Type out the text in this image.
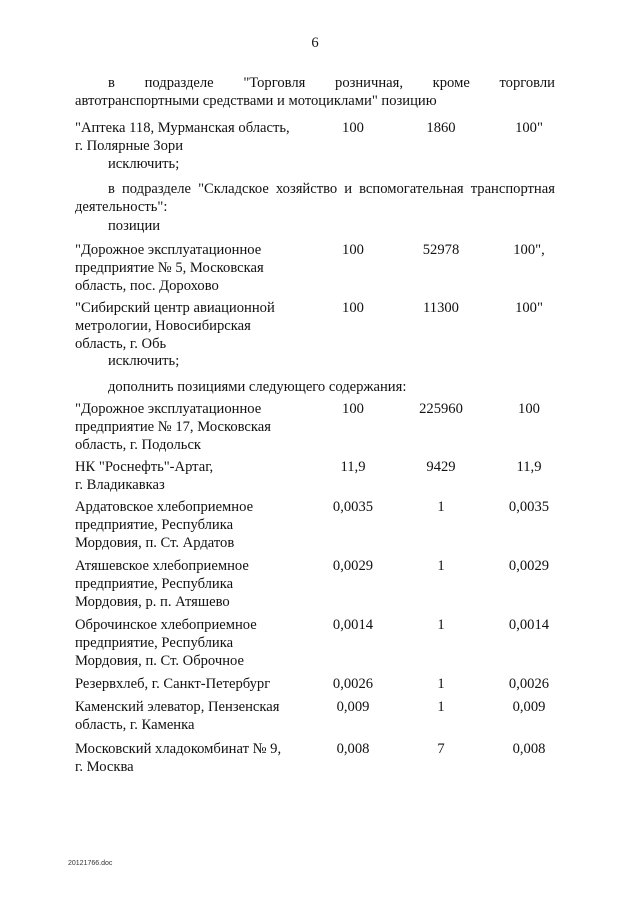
6
в подразделе "Торговля розничная, кроме торговли
автотранспортными средствами и мотоциклами" позицию
"Аптека 118, Мурманская область,
г. Полярные Зори
100	1860	100"
исключить;
в подразделе "Складское хозяйство и вспомогательная транспортная
деятельность":
позиции
"Дорожное эксплуатационное
предприятие № 5, Московская
область, пос. Дорохово
100	52978	100",
"Сибирский центр авиационной
метрологии, Новосибирская
область, г. Обь
100	11300	100"
исключить;
дополнить позициями следующего содержания:
"Дорожное эксплуатационное
предприятие № 17, Московская
область, г. Подольск
100	225960	100
НК "Роснефть"-Артаг,
г. Владикавказ
11,9	9429	11,9
Ардатовское хлебоприемное
предприятие, Республика
Мордовия, п. Ст. Ардатов
0,0035	1	0,0035
Атяшевское хлебоприемное
предприятие, Республика
Мордовия, р. п. Атяшево
0,0029	1	0,0029
Оброчинское хлебоприемное
предприятие, Республика
Мордовия, п. Ст. Оброчное
0,0014	1	0,0014
Резервхлеб, г. Санкт-Петербург	0,0026	1	0,0026
Каменский элеватор, Пензенская
область, г. Каменка
0,009	1	0,009
Московский хладокомбинат № 9,
г. Москва
0,008	7	0,008
20121766.doc
